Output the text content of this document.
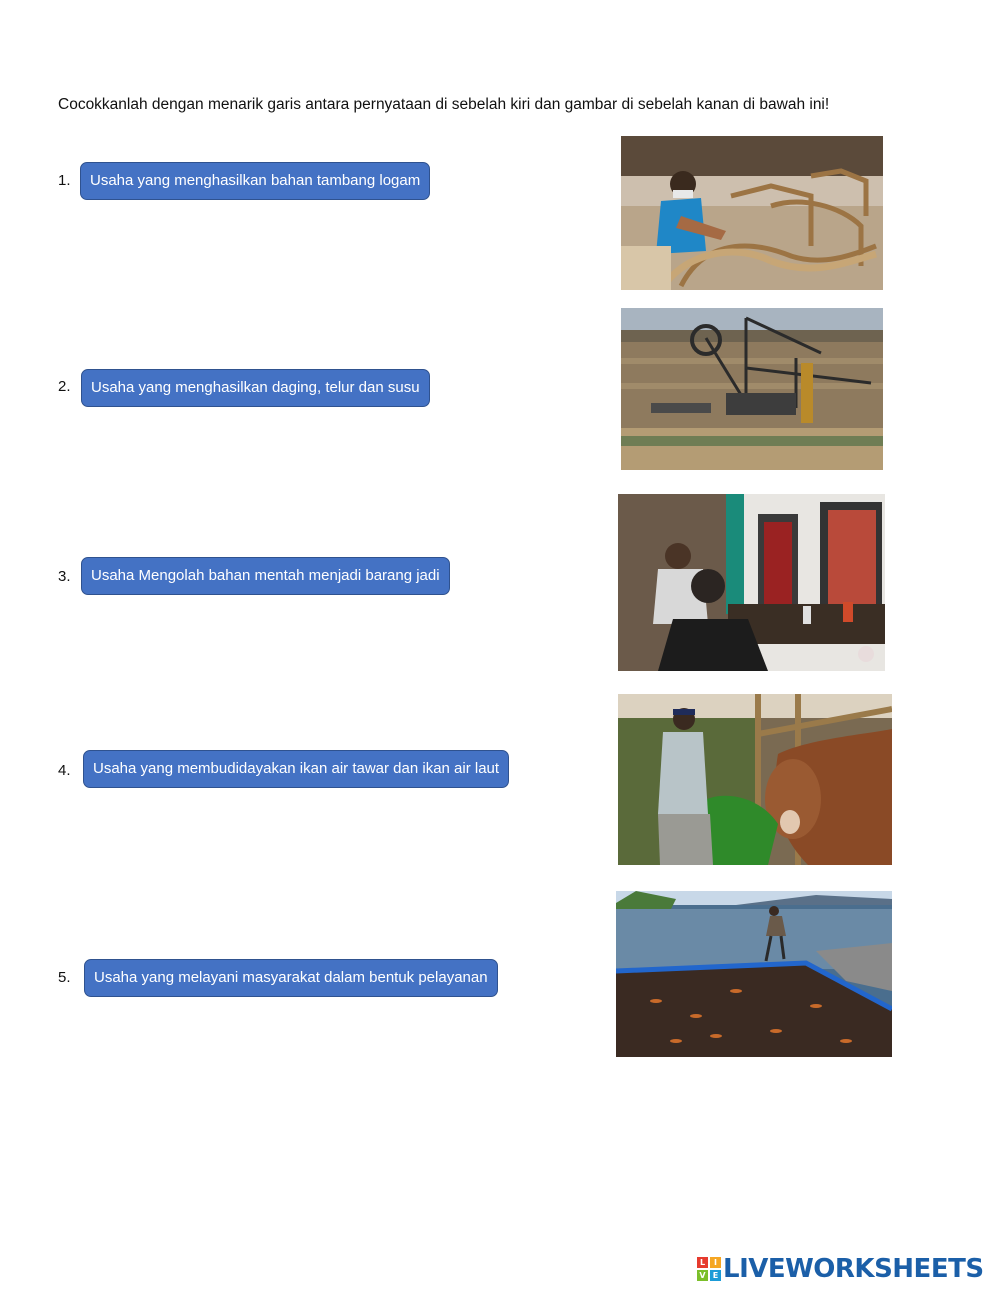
Cocokkanlah dengan menarik garis antara pernyataan di sebelah kiri dan gambar di sebelah kanan di bawah ini!
1.	Usaha yang menghasilkan bahan tambang logam
2.	Usaha yang menghasilkan daging, telur dan susu
3.	Usaha Mengolah bahan mentah menjadi barang jadi
4.	Usaha yang membudidayakan ikan air tawar dan ikan air laut
5.	Usaha yang melayani masyarakat dalam bentuk pelayanan
L	I
V E LIVEWORKSHEETS
